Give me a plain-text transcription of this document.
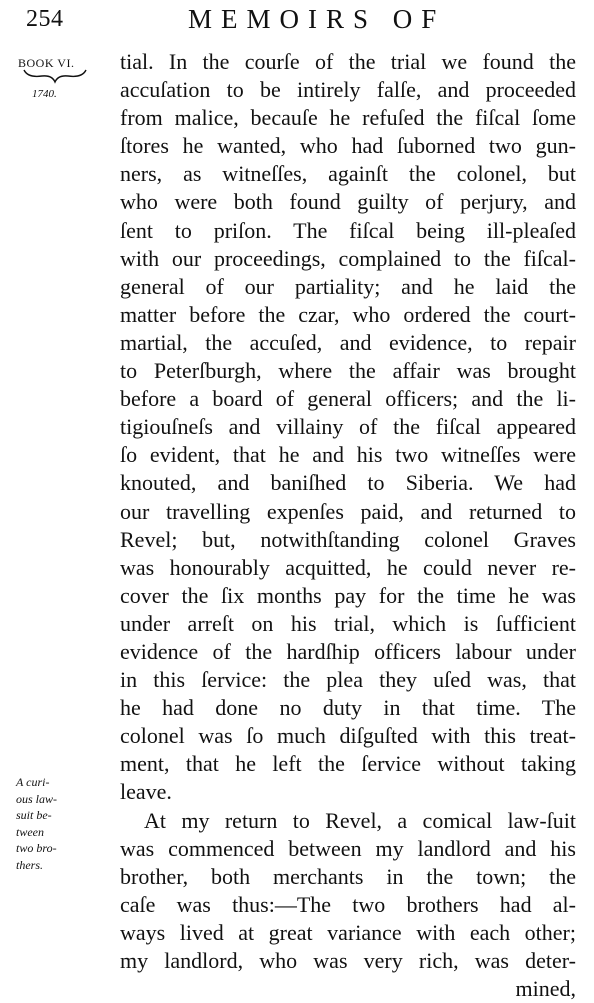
254	MEMOIRS OF
BOOK VI.
1740.
tial. In the courſe of the trial we found the
accuſation to be intirely falſe, and proceeded
from malice, becauſe he refuſed the fiſcal ſome
ſtores he wanted, who had ſuborned two gun-
ners, as witneſſes, againſt the colonel, but
who were both found guilty of perjury, and
ſent to priſon. The fiſcal being ill-pleaſed
with our proceedings, complained to the fiſcal-
general of our partiality; and he laid the
matter before the czar, who ordered the court-
martial, the accuſed, and evidence, to repair
to Peterſburgh, where the affair was brought
before a board of general officers; and the li-
tigiouſneſs and villainy of the fiſcal appeared
ſo evident, that he and his two witneſſes were
knouted, and baniſhed to Siberia. We had
our travelling expenſes paid, and returned to
Revel; but, notwithſtanding colonel Graves
was honourably acquitted, he could never re-
cover the ſix months pay for the time he was
under arreſt on his trial, which is ſufficient
evidence of the hardſhip officers labour under
in this ſervice: the plea they uſed was, that
he had done no duty in that time. The
colonel was ſo much diſguſted with this treat-
ment, that he left the ſervice without taking
leave.
At my return to Revel, a comical law-ſuit
was commenced between my landlord and his
brother, both merchants in the town; the
caſe was thus:—The two brothers had al-
ways lived at great variance with each other;
my landlord, who was very rich, was deter-
mined,
A curi-
ous law-
suit be-
tween
two bro-
thers.
